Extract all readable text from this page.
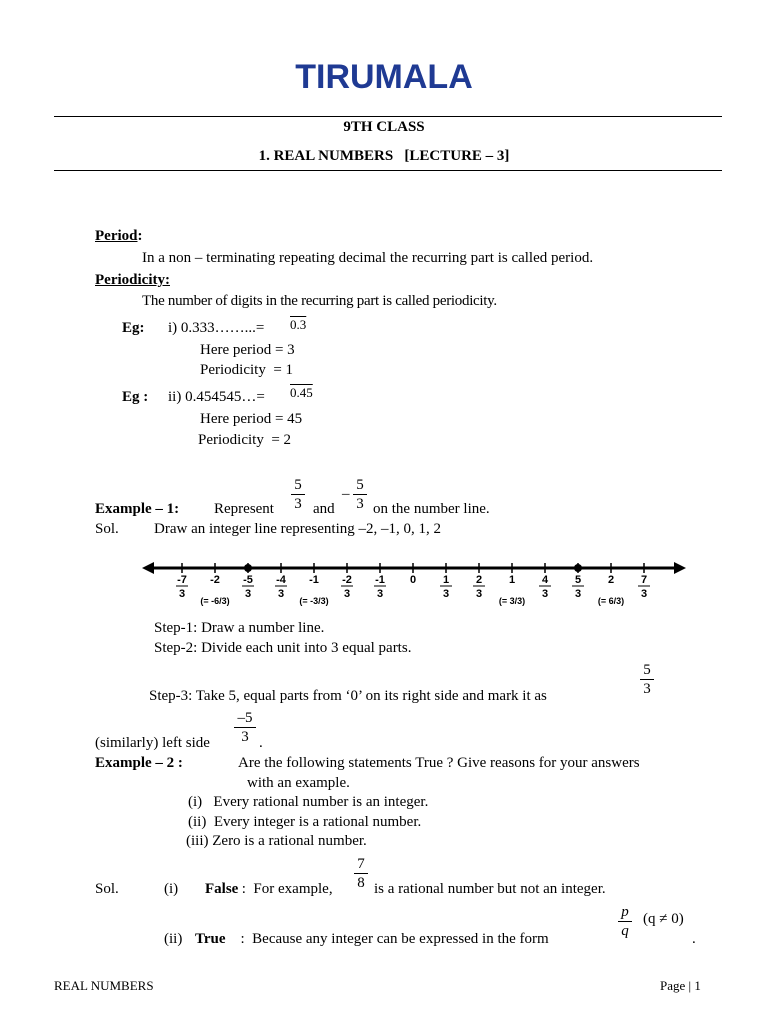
TIRUMALA
9TH CLASS
1. REAL NUMBERS   [LECTURE – 3]
Period:
In a non – terminating repeating decimal the recurring part is called period.
Periodicity:
The number of digits in the recurring part is called periodicity.
Eg: i) 0.333……...= 0.3
Here period = 3
Periodicity  = 1
Eg : ii) 0.454545…= 0.45
Here period = 45
Periodicity  = 2
Example – 1: Represent
5
3 and
–
5
3 on the number line.
Sol. Draw an integer line representing –2, –1, 0, 1, 2
-7
3
-2
(= -6/3)
-5
3
-4
3
-1
(= -3/3)
-2
3
-1
3
0 1
3
2
3
1
(= 3/3)
4
3
5
3
2
(= 6/3)
7
3
Step-1: Draw a number line.
Step-2: Divide each unit into 3 equal parts.
Step-3: Take 5, equal parts from ‘0’ on its right side and mark it as
5
3
(similarly) left side
–5
3 .
Example – 2 :	Are the following statements True ? Give reasons for your answers
with an example.
(i)   Every rational number is an integer.
(ii)  Every integer is a rational number.
(iii) Zero is a rational number.
Sol.	(i) False :  For example,
7
8 is a rational number but not an integer.
(ii) True :  Because any integer can be expressed in the form
p
q
(q ≠ 0)
.
REAL NUMBERS	Page | 1
